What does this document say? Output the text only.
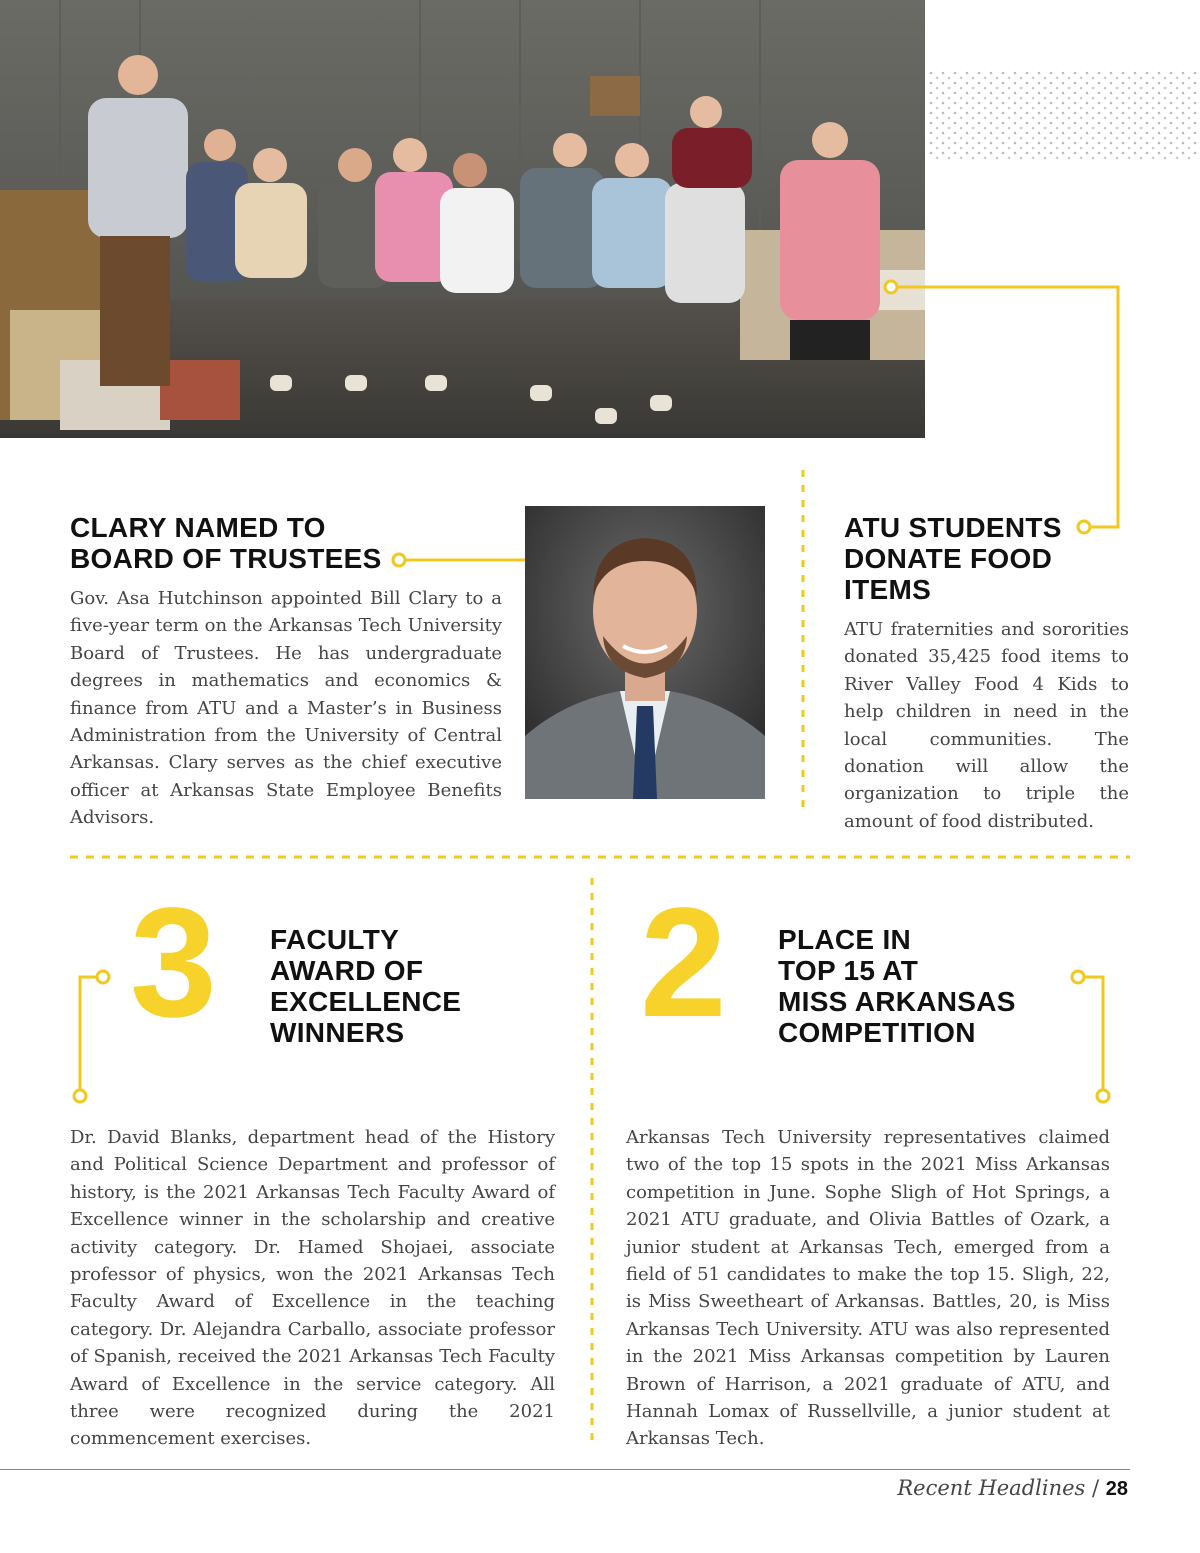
CLARY NAMED TO
BOARD OF TRUSTEES

Gov. Asa Hutchinson appointed Bill Clary to a five-year term on the Arkansas Tech University Board of Trustees. He has undergraduate degrees in mathematics and economics & finance from ATU and a Master’s in Business Administration from the University of Central Arkansas. Clary serves as the chief executive officer at Arkansas State Employee Benefits Advisors.

ATU STUDENTS
DONATE FOOD
ITEMS

ATU fraternities and sororities donated 35,425 food items to River Valley Food 4 Kids to help children in need in the local communities. The donation will allow the organization to triple the amount of food distributed.

3 FACULTY
AWARD OF
EXCELLENCE
WINNERS

Dr. David Blanks, department head of the History and Political Science Department and professor of history, is the 2021 Arkansas Tech Faculty Award of Excellence winner in the scholarship and creative activity category. Dr. Hamed Shojaei, associate professor of physics, won the 2021 Arkansas Tech Faculty Award of Excellence in the teaching category. Dr. Alejandra Carballo, associate professor of Spanish, received the 2021 Arkansas Tech Faculty Award of Excellence in the service category. All three were recognized during the 2021 commencement exercises.

2 PLACE IN
TOP 15 AT
MISS ARKANSAS
COMPETITION

Arkansas Tech University representatives claimed two of the top 15 spots in the 2021 Miss Arkansas competition in June. Sophe Sligh of Hot Springs, a 2021 ATU graduate, and Olivia Battles of Ozark, a junior student at Arkansas Tech, emerged from a field of 51 candidates to make the top 15. Sligh, 22, is Miss Sweetheart of Arkansas. Battles, 20, is Miss Arkansas Tech University. ATU was also represented in the 2021 Miss Arkansas competition by Lauren Brown of Harrison, a 2021 graduate of ATU, and Hannah Lomax of Russellville, a junior student at Arkansas Tech.

Recent Headlines / 28
